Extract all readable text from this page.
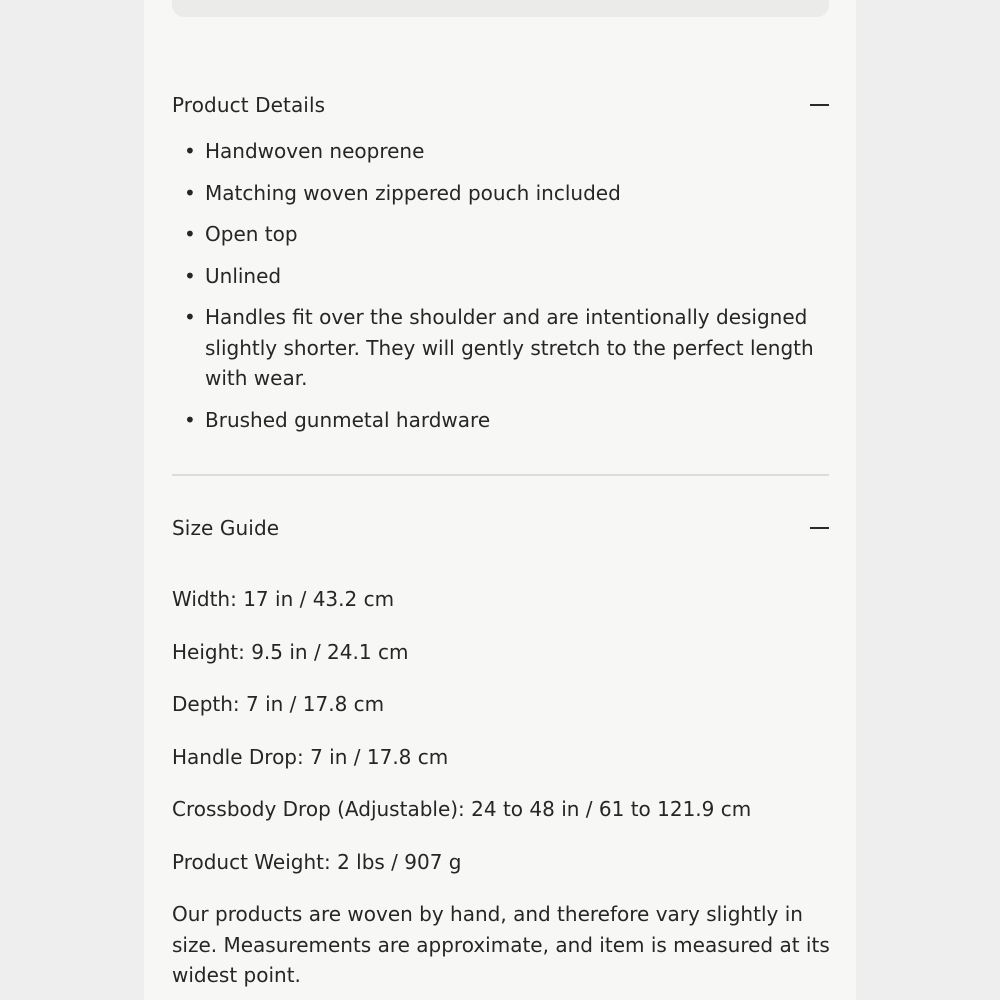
Product Details
• Handwoven neoprene
• Matching woven zippered pouch included
• Open top
• Unlined
• Handles fit over the shoulder and are intentionally designed slightly shorter. They will gently stretch to the perfect length with wear.
• Brushed gunmetal hardware
Size Guide
Width: 17 in / 43.2 cm
Height: 9.5 in / 24.1 cm
Depth: 7 in / 17.8 cm
Handle Drop: 7 in / 17.8 cm
Crossbody Drop (Adjustable): 24 to 48 in / 61 to 121.9 cm
Product Weight: 2 lbs / 907 g
Our products are woven by hand, and therefore vary slightly in size. Measurements are approximate, and item is measured at its widest point.
